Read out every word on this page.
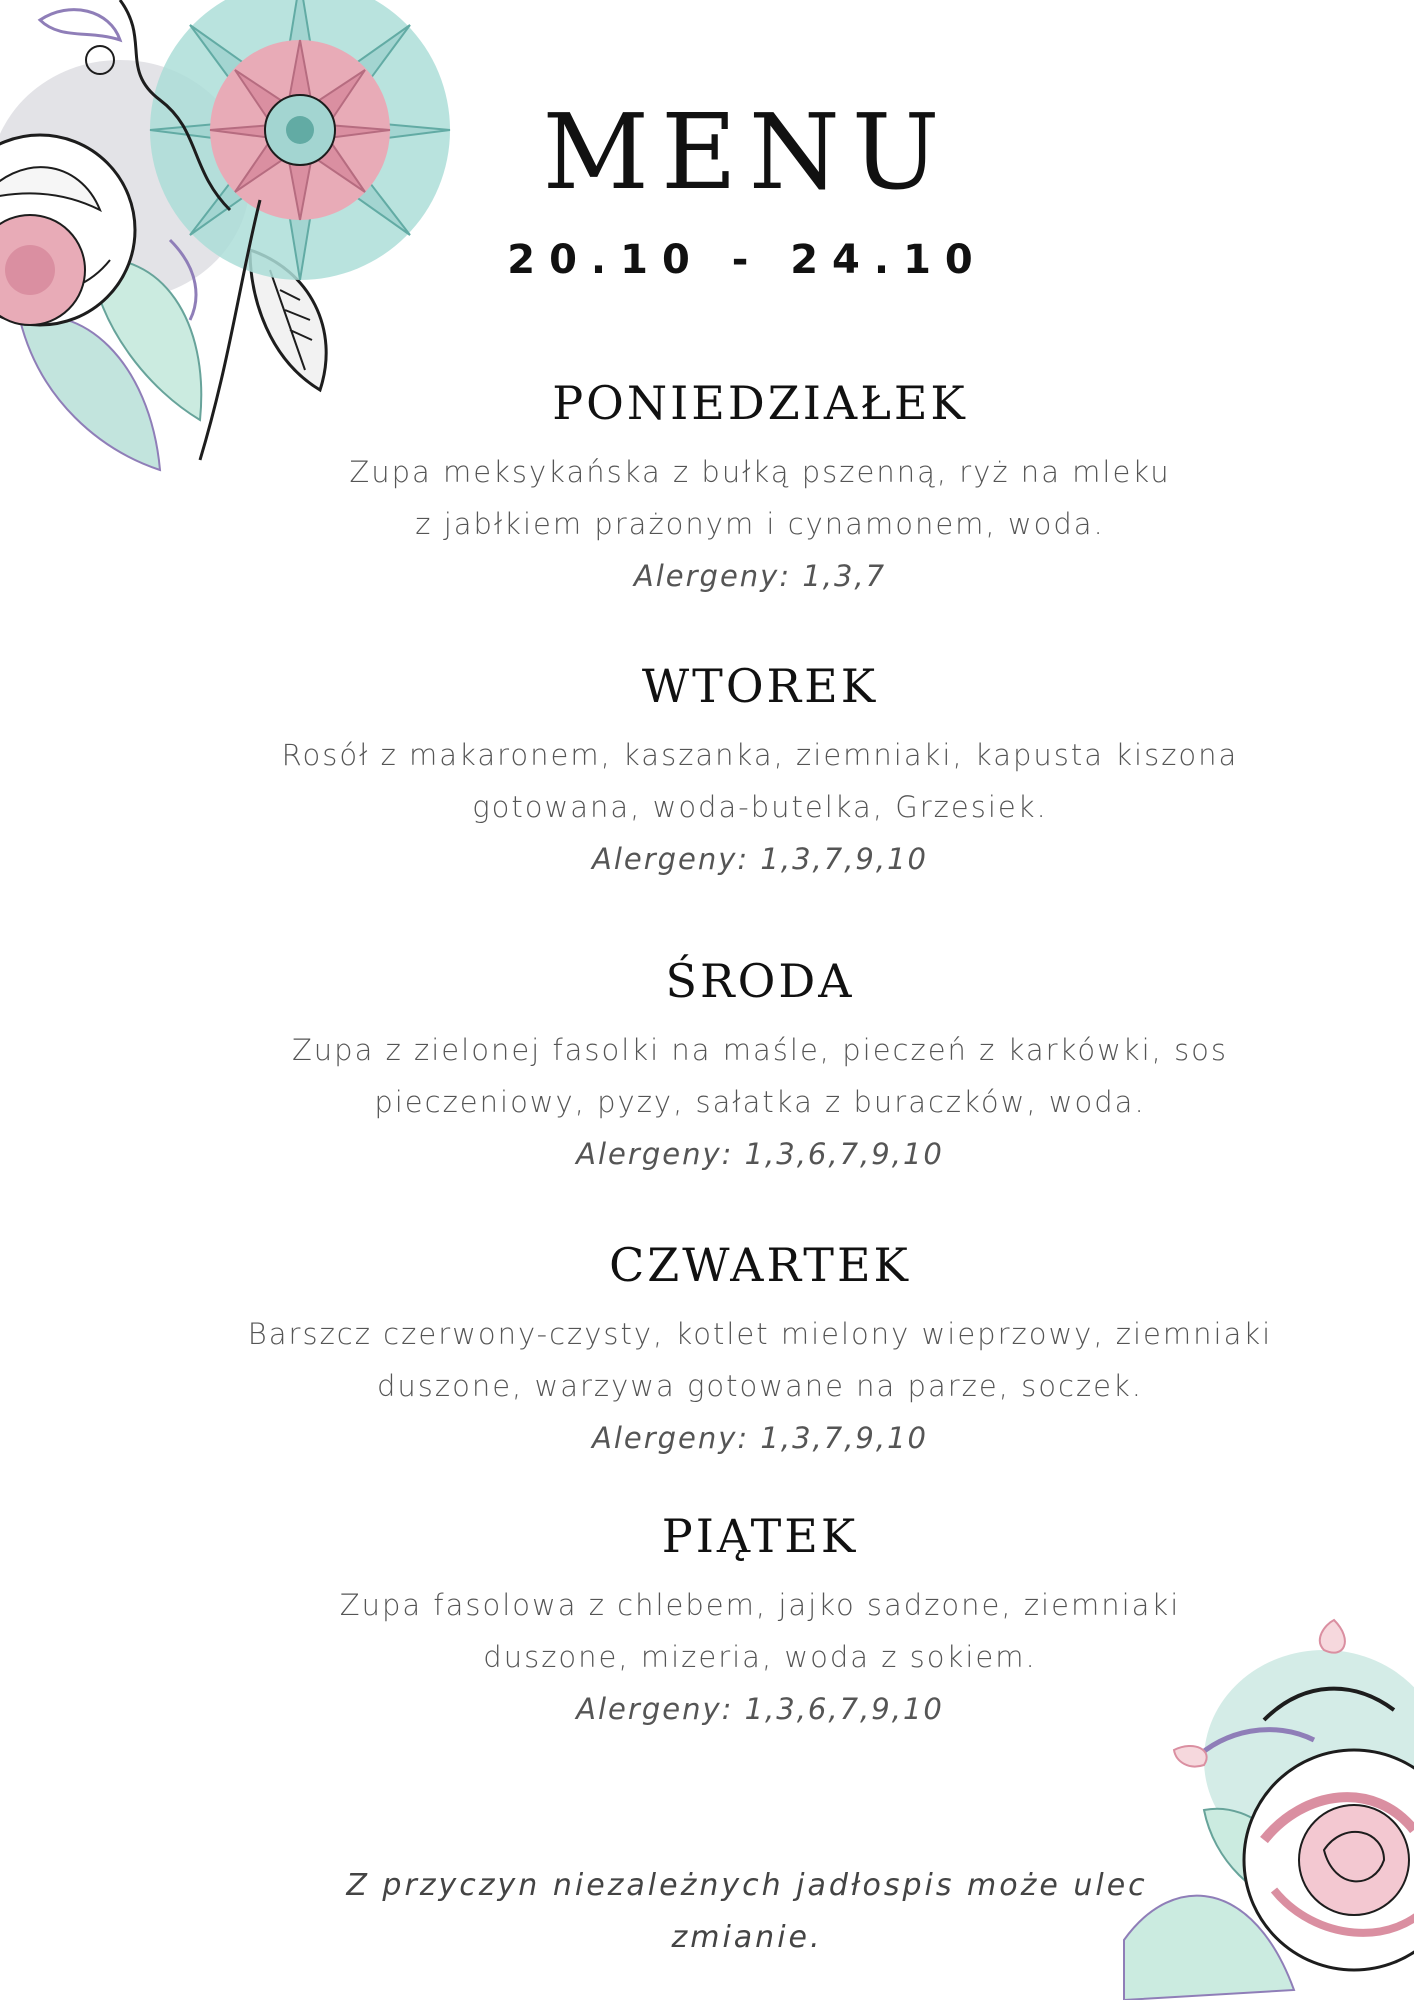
MENU
20.10 - 24.10
PONIEDZIAŁEK
Zupa meksykańska z bułką pszenną, ryż na mleku
z jabłkiem prażonym i cynamonem, woda.
Alergeny: 1,3,7
WTOREK
Rosół z makaronem, kaszanka, ziemniaki, kapusta kiszona
gotowana, woda-butelka, Grzesiek.
Alergeny: 1,3,7,9,10
ŚRODA
Zupa z zielonej fasolki na maśle, pieczeń z karkówki, sos
pieczeniowy, pyzy, sałatka z buraczków, woda.
Alergeny: 1,3,6,7,9,10
CZWARTEK
Barszcz czerwony-czysty, kotlet mielony wieprzowy, ziemniaki
duszone, warzywa gotowane na parze, soczek.
Alergeny: 1,3,7,9,10
PIĄTEK
Zupa fasolowa z chlebem, jajko sadzone, ziemniaki
duszone, mizeria, woda z sokiem.
Alergeny: 1,3,6,7,9,10
Z przyczyn niezależnych jadłospis może ulec
zmianie.
